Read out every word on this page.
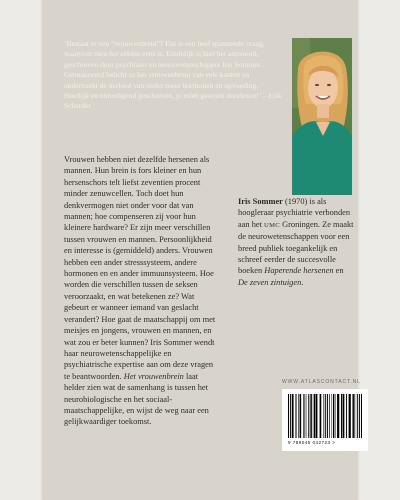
‘Bestaat er een “vrouwenbrein”? Dat is een heel spannende vraag, waarover men het zelden eens is. Eindelijk is hier het antwoord, geschreven door psychiater en neurowetenschapper Iris Sommer. Genuanceerd belicht ze het vrouwenbrein van vele kanten en onderzoekt de invloed van onder meer hormonen en opvoeding. Heerlijk en nimodigend geschreven, je móét gewoon doorlezen!’ – Erik Scherder

Vrouwen hebben niet dezelfde hersenen als mannen. Hun brein is fors kleiner en hun hersenschors telt liefst zeventien procent minder zenuwcellen. Toch doet hun denkvermogen niet onder voor dat van mannen; hoe compenseren zij voor hun kleinere hardware? Er zijn meer verschillen tussen vrouwen en mannen. Persoonlijkheid en interesse is (gemiddeld) anders. Vrouwen hebben een ander stresssysteem, andere hormonen en en ander immuunsysteem. Hoe worden die verschillen tussen de seksen veroorzaakt, en wat betekenen ze? Wat gebeurt er wanneer iemand van geslacht verandert? Hoe gaat de maatschappij om met meisjes en jongens, vrouwen en mannen, en wat zou er beter kunnen? Iris Sommer wendt haar neurowetenschappelijke en psychiatrische expertise aan om deze vragen te beantwoorden. Het vrouwenbrein laat helder zien wat de samenhang is tussen het neurobiologische en het sociaal-maatschappelijke, en wijst de weg naar een gelijkwaardiger toekomst.

Iris Sommer (1970) is als hoogleraar psychiatrie verbonden aan het UMC Groningen. Ze maakt de neurowetenschappen voor een breed publiek toegankelijk en schreef eerder de succesvolle boeken Haperende hersenen en De zeven zintuigen.

WWW.ATLASCONTACT.NL
9 789045 042723 >
